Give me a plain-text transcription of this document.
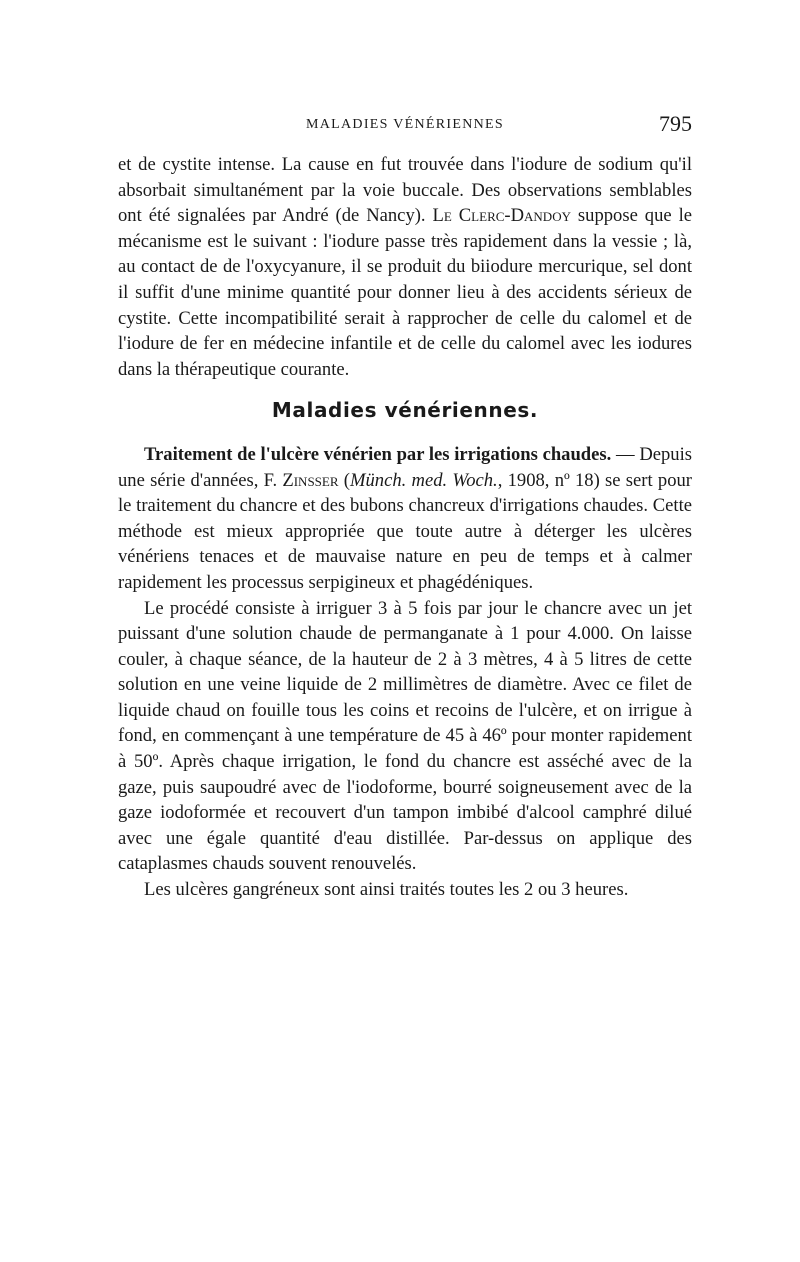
MALADIES VÉNÉRIENNES	795

et de cystite intense. La cause en fut trouvée dans l'iodure de sodium qu'il absorbait simultanément par la voie buccale. Des observations semblables ont été signalées par André (de Nancy). Le Clerc-Dandoy suppose que le mécanisme est le suivant : l'iodure passe très rapidement dans la vessie ; là, au contact de de l'oxycyanure, il se produit du biiodure mercurique, sel dont il suffit d'une minime quantité pour donner lieu à des accidents sérieux de cystite. Cette incompatibilité serait à rapprocher de celle du calomel et de l'iodure de fer en médecine infantile et de celle du calomel avec les iodures dans la thérapeutique courante.

Maladies vénériennes.

Traitement de l'ulcère vénérien par les irrigations chaudes. — Depuis une série d'années, F. Zinsser (Münch. med. Woch., 1908, nº 18) se sert pour le traitement du chancre et des bubons chancreux d'irrigations chaudes. Cette méthode est mieux appropriée que toute autre à déterger les ulcères vénériens tenaces et de mauvaise nature en peu de temps et à calmer rapidement les processus serpigineux et phagédéniques.

Le procédé consiste à irriguer 3 à 5 fois par jour le chancre avec un jet puissant d'une solution chaude de permanganate à 1 pour 4.000. On laisse couler, à chaque séance, de la hauteur de 2 à 3 mètres, 4 à 5 litres de cette solution en une veine liquide de 2 millimètres de diamètre. Avec ce filet de liquide chaud on fouille tous les coins et recoins de l'ulcère, et on irrigue à fond, en commençant à une température de 45 à 46º pour monter rapidement à 50º. Après chaque irrigation, le fond du chancre est asséché avec de la gaze, puis saupoudré avec de l'iodoforme, bourré soigneusement avec de la gaze iodoformée et recouvert d'un tampon imbibé d'alcool camphré dilué avec une égale quantité d'eau distillée. Par-dessus on applique des cataplasmes chauds souvent renouvelés.

Les ulcères gangréneux sont ainsi traités toutes les 2 ou 3 heures.
